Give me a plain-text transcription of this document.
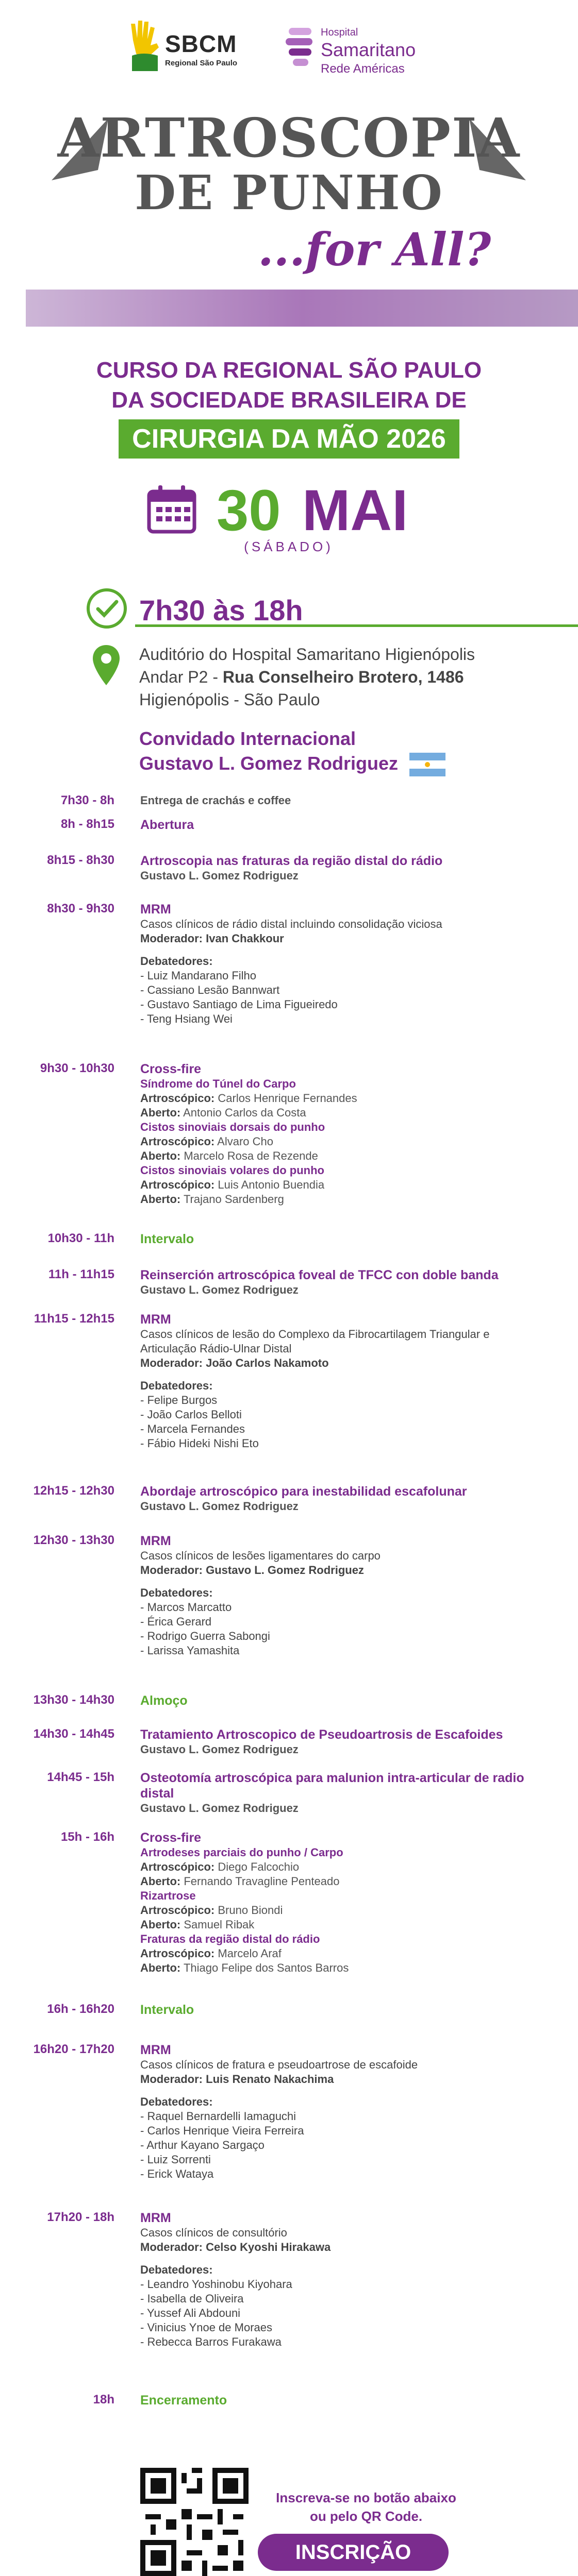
SBCM
Regional São Paulo
Hospital
Samaritano
Rede Américas
ARTROSCOPIA
DE PUNHO
...for All?
CURSO DA REGIONAL SÃO PAULO
DA SOCIEDADE BRASILEIRA DE
CIRURGIA DA MÃO 2026
30 MAI
(SÁBADO)
7h30 às 18h
Auditório do Hospital Samaritano Higienópolis
Andar P2 - Rua Conselheiro Brotero, 1486
Higienópolis - São Paulo
Convidado Internacional
Gustavo L. Gomez Rodriguez
7h30 - 8h Entrega de crachás e coffee
8h - 8h15 Abertura
8h15 - 8h30 Artroscopia nas fraturas da região distal do rádio
Gustavo L. Gomez Rodriguez
8h30 - 9h30 MRM
Casos clínicos de rádio distal incluindo consolidação viciosa
Moderador: Ivan Chakkour
Debatedores:
- Luiz Mandarano Filho
- Cassiano Lesão Bannwart
- Gustavo Santiago de Lima Figueiredo
- Teng Hsiang Wei
9h30 - 10h30 Cross-fire
Síndrome do Túnel do Carpo
Artroscópico: Carlos Henrique Fernandes
Aberto: Antonio Carlos da Costa
Cistos sinoviais dorsais do punho
Artroscópico: Alvaro Cho
Aberto: Marcelo Rosa de Rezende
Cistos sinoviais volares do punho
Artroscópico: Luis Antonio Buendia
Aberto: Trajano Sardenberg
10h30 - 11h Intervalo
11h - 11h15 Reinserción artroscópica foveal de TFCC con doble banda
Gustavo L. Gomez Rodriguez
11h15 - 12h15 MRM
Casos clínicos de lesão do Complexo da Fibrocartilagem Triangular e Articulação Rádio-Ulnar Distal
Moderador: João Carlos Nakamoto
Debatedores:
- Felipe Burgos
- João Carlos Belloti
- Marcela Fernandes
- Fábio Hideki Nishi Eto
12h15 - 12h30 Abordaje artroscópico para inestabilidad escafolunar
Gustavo L. Gomez Rodriguez
12h30 - 13h30 MRM
Casos clínicos de lesões ligamentares do carpo
Moderador: Gustavo L. Gomez Rodriguez
Debatedores:
- Marcos Marcatto
- Érica Gerard
- Rodrigo Guerra Sabongi
- Larissa Yamashita
13h30 - 14h30 Almoço
14h30 - 14h45 Tratamiento Artroscopico de Pseudoartrosis de Escafoides
Gustavo L. Gomez Rodriguez
14h45 - 15h Osteotomía artroscópica para malunion intra-articular de radio distal
Gustavo L. Gomez Rodriguez
15h - 16h Cross-fire
Artrodeses parciais do punho / Carpo
Artroscópico: Diego Falcochio
Aberto: Fernando Travagline Penteado
Rizartrose
Artroscópico: Bruno Biondi
Aberto: Samuel Ribak
Fraturas da região distal do rádio
Artroscópico: Marcelo Araf
Aberto: Thiago Felipe dos Santos Barros
16h - 16h20 Intervalo
16h20 - 17h20 MRM
Casos clínicos de fratura e pseudoartrose de escafoide
Moderador: Luis Renato Nakachima
Debatedores:
- Raquel Bernardelli Iamaguchi
- Carlos Henrique Vieira Ferreira
- Arthur Kayano Sargaço
- Luiz Sorrenti
- Erick Wataya
17h20 - 18h MRM
Casos clínicos de consultório
Moderador: Celso Kyoshi Hirakawa
Debatedores:
- Leandro Yoshinobu Kiyohara
- Isabella de Oliveira
- Yussef Ali Abdouni
- Vinicius Ynoe de Moraes
- Rebecca Barros Furakawa
18h Encerramento
Inscreva-se no botão abaixo
ou pelo QR Code.
INSCRIÇÃO
